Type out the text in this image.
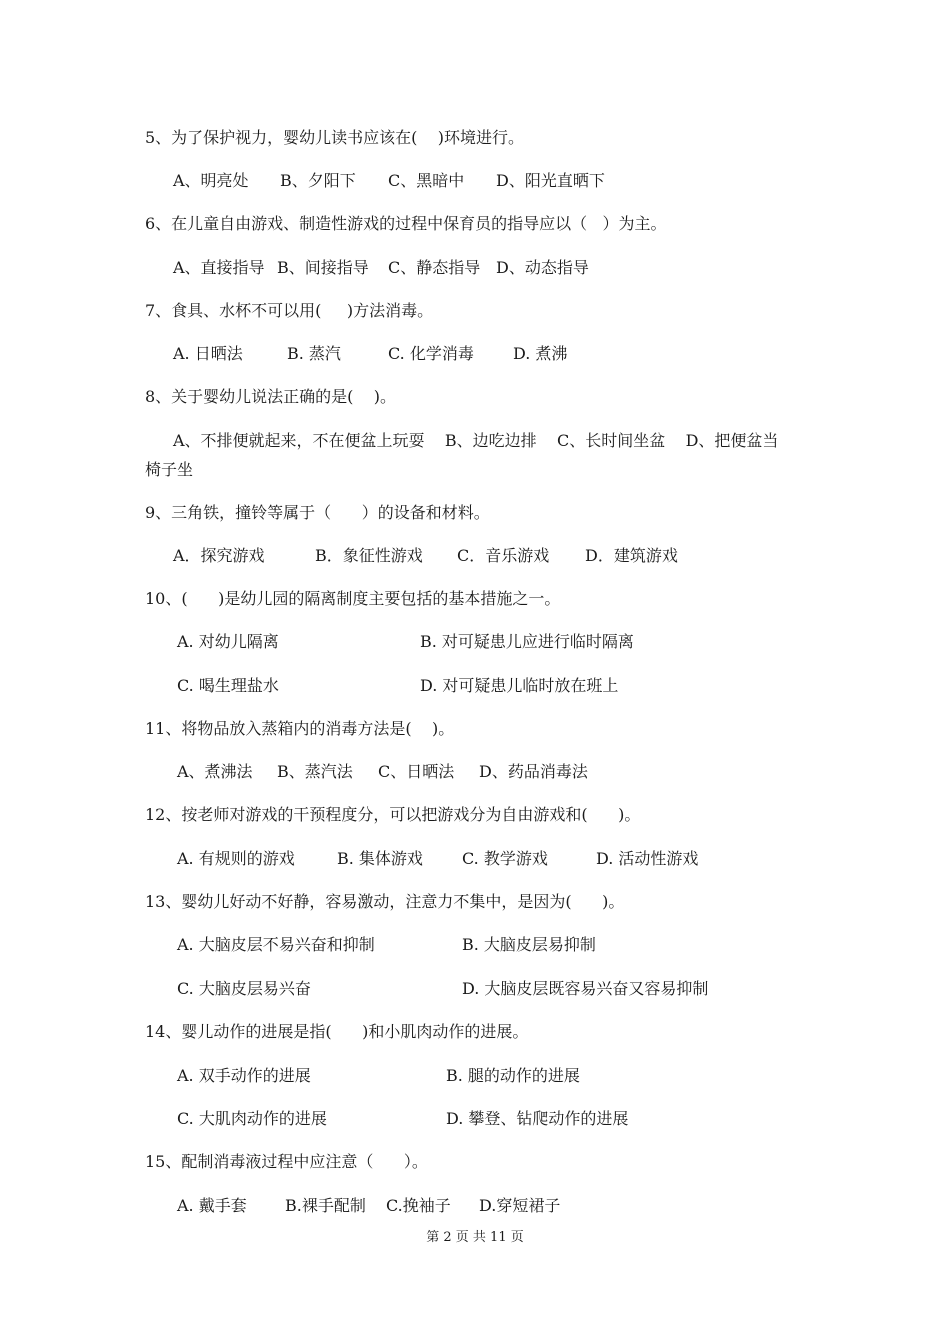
5、为了保护视力，婴幼儿读书应该在(    )环境进行。
A、明亮处 B、夕阳下 C、黑暗中 D、阳光直晒下
6、在儿童自由游戏、制造性游戏的过程中保育员的指导应以（   ）为主。
A、直接指导 B、间接指导 C、静态指导 D、动态指导
7、食具、水杯不可以用(     )方法消毒。
A. 日晒法	B. 蒸汽	C. 化学消毒 D. 煮沸
8、关于婴幼儿说法正确的是(    )。
A、不排便就起来，不在便盆上玩耍    B、边吃边排    C、长时间坐盆    D、把便盆当
椅子坐
9、三角铁，撞铃等属于（      ）的设备和材料。
A．探究游戏	B．象征性游戏 C．音乐游戏 D．建筑游戏
10、(      )是幼儿园的隔离制度主要包括的基本措施之一。
A. 对幼儿隔离	B. 对可疑患儿应进行临时隔离
C. 喝生理盐水	D. 对可疑患儿临时放在班上
11、将物品放入蒸箱内的消毒方法是(    )。
A、煮沸法 B、蒸汽法 C、日晒法 D、药品消毒法
12、按老师对游戏的干预程度分，可以把游戏分为自由游戏和(      )。
A. 有规则的游戏	B. 集体游戏 C. 教学游戏	D. 活动性游戏
13、婴幼儿好动不好静，容易激动，注意力不集中，是因为(      )。
A. 大脑皮层不易兴奋和抑制	B. 大脑皮层易抑制
C. 大脑皮层易兴奋	D. 大脑皮层既容易兴奋又容易抑制
14、婴儿动作的进展是指(      )和小肌肉动作的进展。
A. 双手动作的进展	B. 腿的动作的进展
C. 大肌肉动作的进展	D. 攀登、钻爬动作的进展
15、配制消毒液过程中应注意（      ）。
A. 戴手套 B.裸手配制 C.挽袖子 D.穿短裙子
第 2 页 共 11 页
